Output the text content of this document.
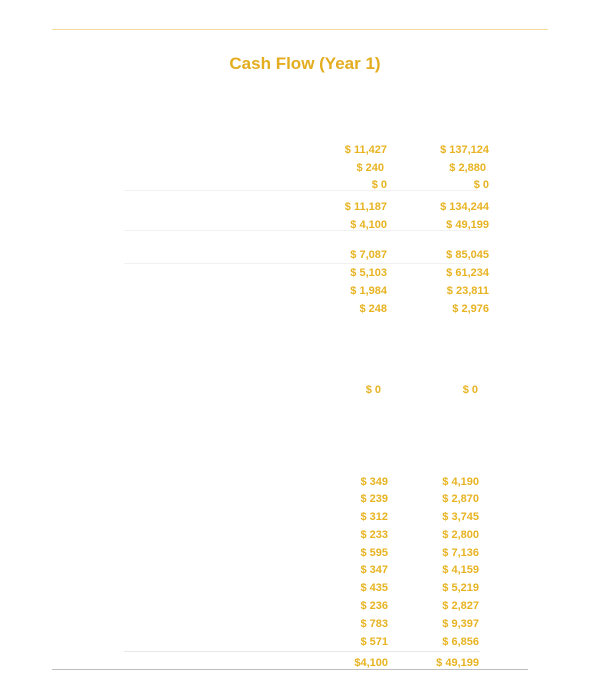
Cash Flow (Year 1)
$ 11,427	$ 137,124
$ 240	$ 2,880
$ 0	$ 0
$ 11,187	$ 134,244
$ 4,100	$ 49,199
$ 7,087	$ 85,045
$ 5,103	$ 61,234
$ 1,984	$ 23,811
$ 248	$ 2,976
$ 0	$ 0
$ 349	$ 4,190
$ 239	$ 2,870
$ 312	$ 3,745
$ 233	$ 2,800
$ 595	$ 7,136
$ 347	$ 4,159
$ 435	$ 5,219
$ 236	$ 2,827
$ 783	$ 9,397
$ 571	$ 6,856
$4,100	$ 49,199
